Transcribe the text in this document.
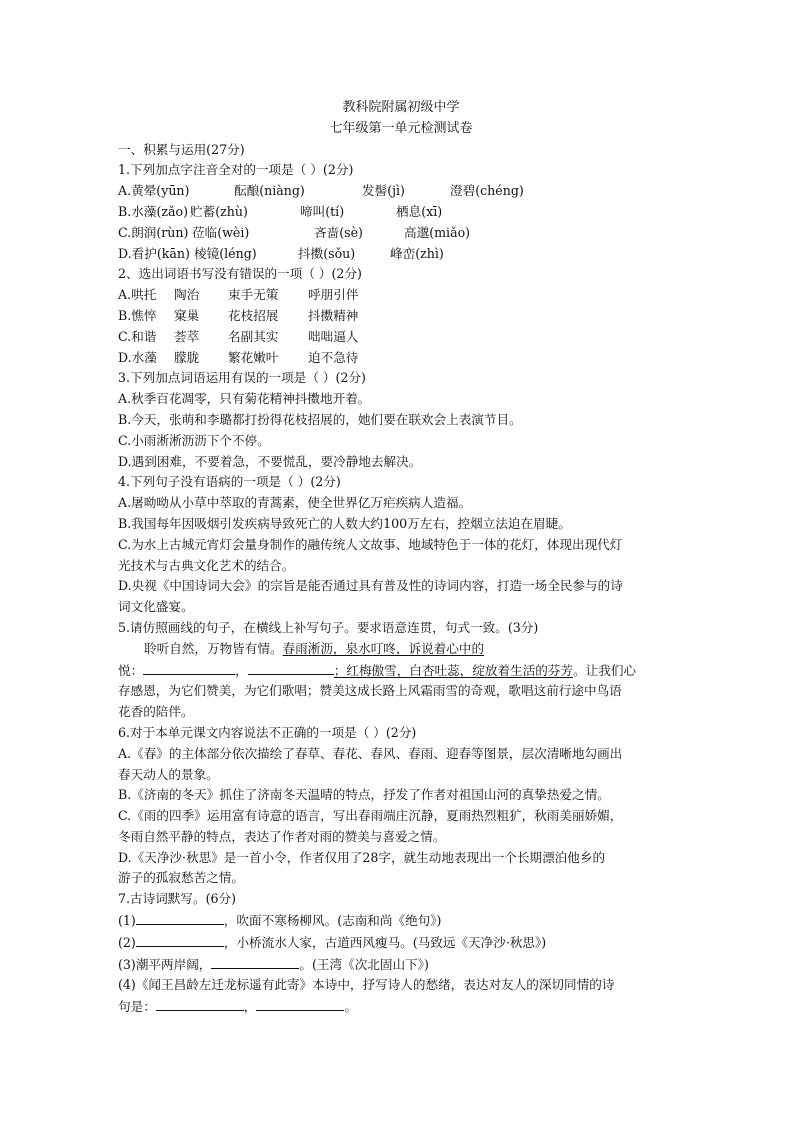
教科院附属初级中学
七年级第一单元检测试卷
一、积累与运用(27分)
1.下列加点字注音全对的一项是（ ）(2分)
A.黄晕(yūn)	酝酿(niàng)	发髻(jì)	澄碧(chéng)
B.水藻(zǎo) 贮蓄(zhù)	啼叫(tí)	栖息(xī)
C.朗润(rùn) 莅临(wèi)	吝啬(sè)	高邈(miǎo)
D.看护(kān) 棱镜(léng)	抖擞(sǒu)	峰峦(zhì)
2、选出词语书写没有错误的一项（ ）(2分)
A.哄托 陶治 束手无策 呼朋引伴
B.憔悴 窠巢 花枝招展 抖擞精神
C.和谐 荟萃 名副其实 咄咄逼人
D.水藻 朦胧 繁花嫩叶 迫不急待
3.下列加点词语运用有误的一项是（ ）(2分)
A.秋季百花凋零，只有菊花精神抖擞地开着。
B.今天，张萌和李璐都打扮得花枝招展的，她们要在联欢会上表演节目。
C.小雨淅淅沥沥下个不停。
D.遇到困难，不要着急，不要慌乱，要冷静地去解决。
4.下列句子没有语病的一项是（ ）(2分)
A.屠呦呦从小草中萃取的青蒿素，使全世界亿万疟疾病人造福。
B.我国每年因吸烟引发疾病导致死亡的人数大约100万左右，控烟立法迫在眉睫。
C.为水上古城元宵灯会量身制作的融传统人文故事、地域特色于一体的花灯，体现出现代灯
光技术与古典文化艺术的结合。
D.央视《中国诗词大会》的宗旨是能否通过具有普及性的诗词内容，打造一场全民参与的诗
词文化盛宴。
5.请仿照画线的句子，在横线上补写句子。要求语意连贯，句式一致。(3分)
聆听自然，万物皆有情。春雨淅沥，泉水叮咚，诉说着心中的
悦：	，	；红梅傲雪，白杏吐蕊，绽放着生活的芬芳。让我们心
存感恩，为它们赞美，为它们歌唱；赞美这成长路上风霜雨雪的奇观，歌唱这前行途中鸟语
花香的陪伴。
6.对于本单元课文内容说法不正确的一项是（ ）(2分)
A.《春》的主体部分依次描绘了春草、春花、春风、春雨、迎春等图景，层次清晰地勾画出
春天动人的景象。
B.《济南的冬天》抓住了济南冬天温晴的特点，抒发了作者对祖国山河的真挚热爱之情。
C.《雨的四季》运用富有诗意的语言，写出春雨端庄沉静，夏雨热烈粗犷，秋雨美丽娇媚，
冬雨自然平静的特点，表达了作者对雨的赞美与喜爱之情。
D.《天净沙·秋思》是一首小令，作者仅用了28字，就生动地表现出一个长期漂泊他乡的
游子的孤寂愁苦之情。
7.古诗词默写。(6分)
(1)	，吹面不寒杨柳风。(志南和尚《绝句》)
(2)	，小桥流水人家，古道西风瘦马。(马致远《天净沙·秋思》)
(3)潮平两岸阔，	。(王湾《次北固山下》)
(4)《闻王昌龄左迁龙标遥有此寄》本诗中，抒写诗人的愁绪，表达对友人的深切同情的诗
句是：	，	。
